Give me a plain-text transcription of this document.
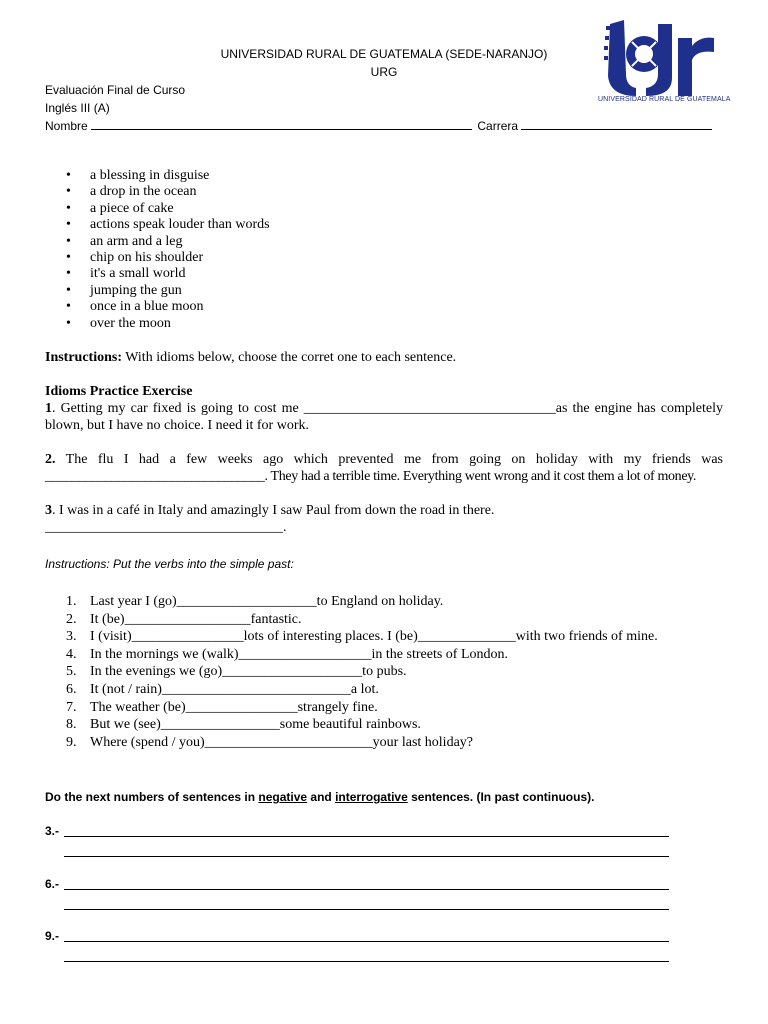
UNIVERSIDAD RURAL DE GUATEMALA (SEDE-NARANJO)
URG
Evaluación Final de Curso
Inglés III (A)
Nombre	Carrera
UNIVERSIDAD RURAL DE GUATEMALA
• a blessing in disguise
• a drop in the ocean
• a piece of cake
• actions speak louder than words
• an arm and a leg
• chip on his shoulder
• it's a small world
• jumping the gun
• once in a blue moon
• over the moon
Instructions: With idioms below, choose the corret one to each sentence.
Idioms Practice Exercise
1. Getting my car fixed is going to cost me ____________________________________as the engine has completely
blown, but I have no choice. I need it for work.
2. The flu I had a few weeks ago which prevented me from going on holiday with my friends was
_________________________________. They had a terrible time. Everything went wrong and it cost them a lot of money.
3. I was in a café in Italy and amazingly I saw Paul from down the road in there.
__________________________________.
Instructions: Put the verbs into the simple past:
1. Last year I (go)____________________to England on holiday.
2. It (be)__________________fantastic.
3. I (visit)________________lots of interesting places. I (be)______________with two friends of mine.
4. In the mornings we (walk)___________________in the streets of London.
5. In the evenings we (go)____________________to pubs.
6. It (not / rain)___________________________a lot.
7. The weather (be)________________strangely fine.
8. But we (see)_________________some beautiful rainbows.
9. Where (spend / you)________________________your last holiday?
Do the next numbers of sentences in negative and interrogative sentences. (In past continuous).
3.-
6.-
9.-
